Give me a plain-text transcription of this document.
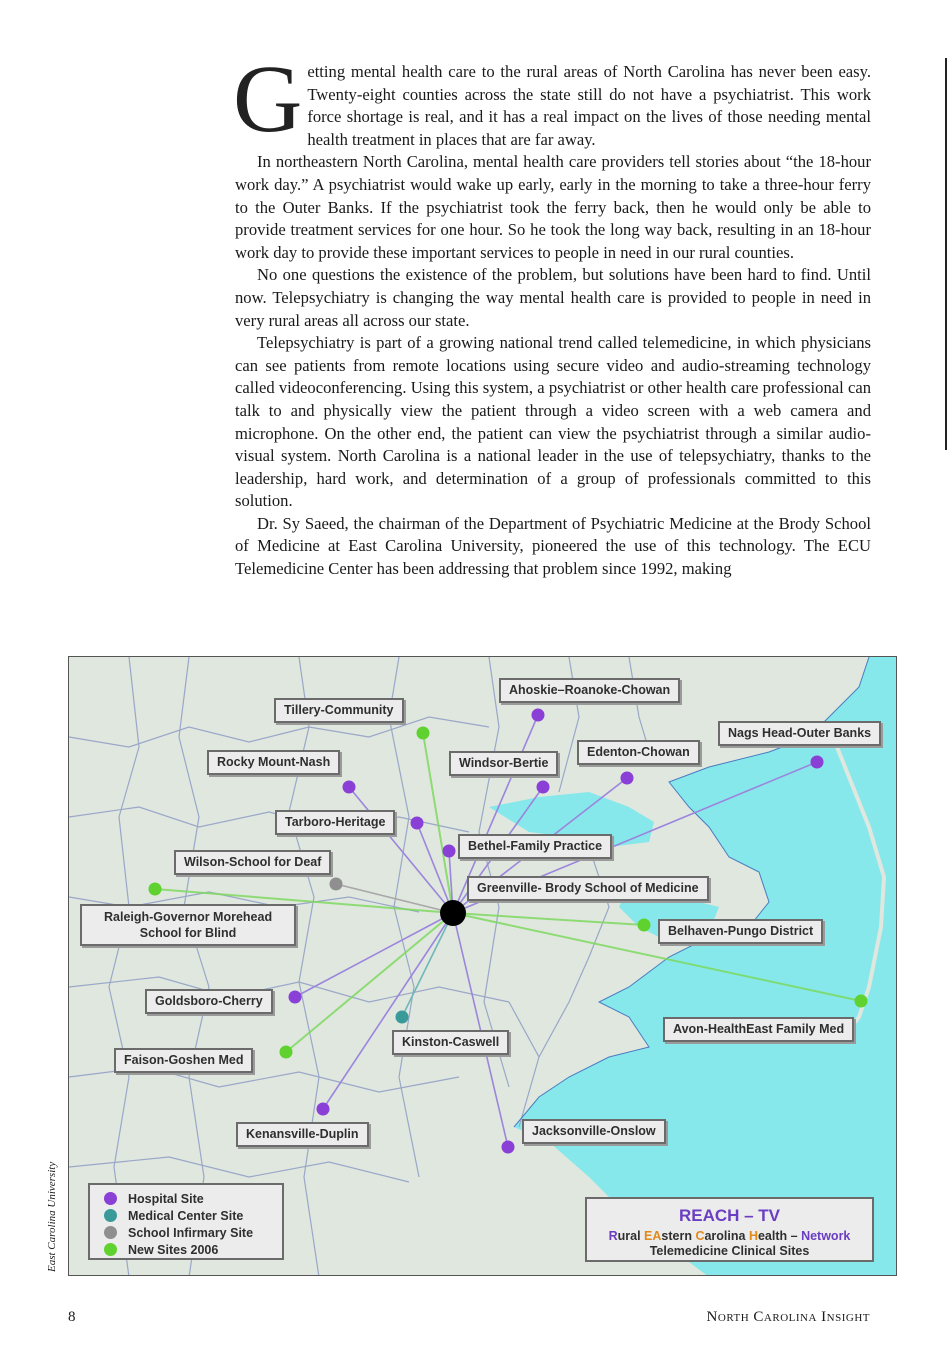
Getting mental health care to the rural areas of North Carolina has never been easy. Twenty-eight counties across the state still do not have a psychiatrist. This work force shortage is real, and it has a real impact on the lives of those needing mental health treatment in places that are far away.

In northeastern North Carolina, mental health care providers tell stories about “the 18-hour work day.” A psychiatrist would wake up early, early in the morning to take a three-hour ferry to the Outer Banks. If the psychiatrist took the ferry back, then he would only be able to provide treatment services for one hour. So he took the long way back, resulting in an 18-hour work day to provide these important services to people in need in our rural counties.

No one questions the existence of the problem, but solutions have been hard to find. Until now. Telepsychiatry is changing the way mental health care is provided to people in need in very rural areas all across our state.

Telepsychiatry is part of a growing national trend called telemedicine, in which physicians can see patients from remote locations using secure video and audio-streaming technology called videoconferencing. Using this system, a psychiatrist or other health care professional can talk to and physically view the patient through a video screen with a web camera and microphone. On the other end, the patient can view the psychiatrist through a similar audio-visual system. North Carolina is a national leader in the use of telepsychiatry, thanks to the leadership, hard work, and determination of a group of professionals committed to this solution.

Dr. Sy Saeed, the chairman of the Department of Psychiatric Medicine at the Brody School of Medicine at East Carolina University, pioneered the use of this technology. The ECU Telemedicine Center has been addressing that problem since 1992, making

Ahoskie–Roanoke-Chowan
Tillery-Community
Nags Head-Outer Banks
Rocky Mount-Nash	Windsor-Bertie
Edenton-Chowan
Tarboro-Heritage
Bethel-Family Practice
Wilson-School for Deaf
Raleigh-Governor Morehead
School for Blind
Greenville- Brody School of Medicine
Belhaven-Pungo District
Goldsboro-Cherry
Avon-HealthEast Family Med
Kinston-Caswell
Faison-Goshen Med
Kenansville-Duplin	Jacksonville-Onslow
Hospital Site
Medical Center Site
School Infirmary Site
New Sites 2006
REACH – TV
Rural EAstern Carolina Health – Network
Telemedicine Clinical Sites
East Carolina University
8	North Carolina Insight
